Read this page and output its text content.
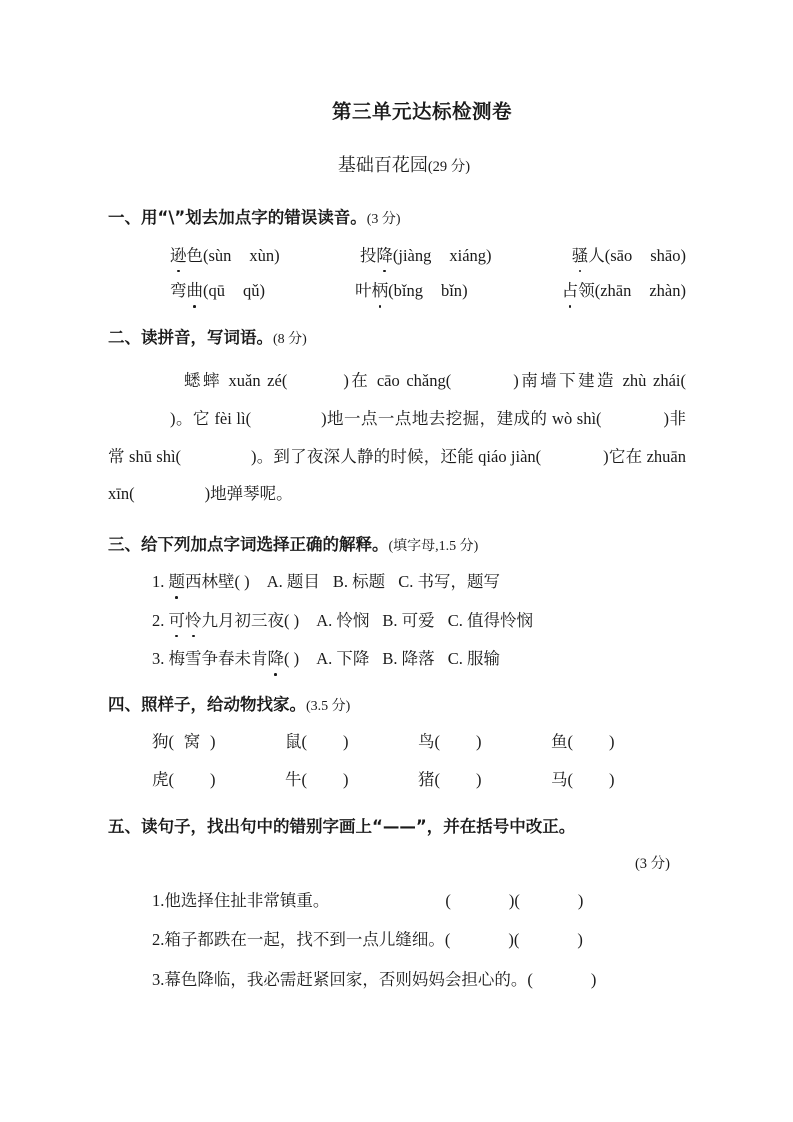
第三单元达标检测卷
基础百花园(29 分)
一、用“\”划去加点字的错误读音。(3 分)
逊色(sùn xùn)	投降(jiàng xiáng)	骚人(sāo shāo)
弯曲(qū qǔ)	叶柄(bǐng bǐn)	占领(zhān zhàn)
二、读拼音，写词语。(8 分)
蟋蟀 xuǎn zé(	)在 cāo chǎng(	)南墙下建造 zhù zhái()。它 fèi lì(	)地一点一点地去挖掘，建成的 wò shì(	)非常 shū shì(	)。到了夜深人静的时候，还能 qiáo jiàn(	)它在 zhuān xīn(	)地弹琴呢。
三、给下列加点字词选择正确的解释。(填字母,1.5 分)
1. 题西林壁( ) A. 题目 B. 标题 C. 书写，题写
2. 可怜九月初三夜( ) A. 怜悯 B. 可爱 C. 值得怜悯
3. 梅雪争春未肯降( ) A. 下降 B. 降落 C. 服输
四、照样子，给动物找家。(3.5 分)
狗( 窝 )	鼠( )	鸟( )	鱼( )
虎( )	牛( )	猪( )	马( )
五、读句子，找出句中的错别字画上“——”，并在括号中改正。
(3 分)
1.他选择住扯非常镇重。	(	)(	)
2.箱子都跌在一起，找不到一点儿缝细。(	)(	)
3.幕色降临，我必需赶紧回家，否则妈妈会担心的。(	)
